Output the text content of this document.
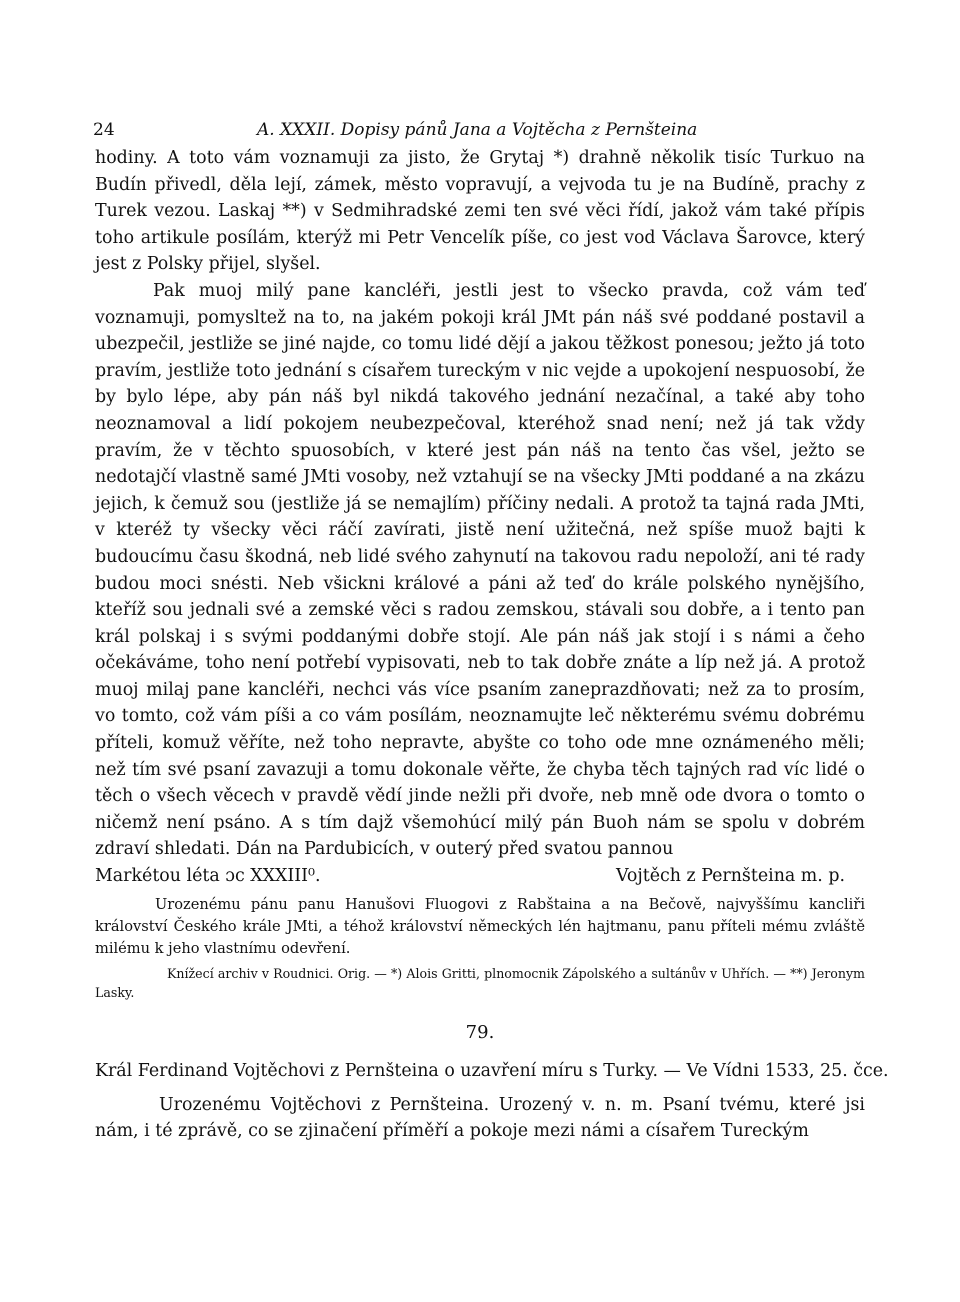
24	A. XXXII. Dopisy pánů Jana a Vojtěcha z Pernšteina

hodiny. A toto vám voznamuji za jisto, že Grytaj *) drahně několik tisíc Turkuo na Budín přivedl, děla lejí, zámek, město vopravují, a vejvoda tu je na Budíně, prachy z Turek vezou. Laskaj **) v Sedmihradské zemi ten své věci řídí, jakož vám také přípis toho artikule posílám, kterýž mi Petr Vencelík píše, co jest vod Václava Šarovce, který jest z Polsky přijel, slyšel.

Pak muoj milý pane kancléři, jestli jest to všecko pravda, což vám teď voznamuji, pomysltež na to, na jakém pokoji král JMt pán náš své poddané postavil a ubezpečil, jestliže se jiné najde, co tomu lidé dějí a jakou těžkost ponesou; ježto já toto pravím, jestliže toto jednání s císařem tureckým v nic vejde a upokojení nespuosobí, že by bylo lépe, aby pán náš byl nikdá takového jednání nezačínal, a také aby toho neoznamoval a lidí pokojem neubezpečoval, kteréhož snad není; než já tak vždy pravím, že v těchto spuosobích, v které jest pán náš na tento čas všel, ježto se nedotajčí vlastně samé JMti vosoby, než vztahují se na všecky JMti poddané a na zkázu jejich, k čemuž sou (jestliže já se nemajlím) příčiny nedali. A protož ta tajná rada JMti, v kteréž ty všecky věci ráčí zavírati, jistě není užitečná, než spíše muož bajti k budoucímu času škodná, neb lidé svého zahynutí na takovou radu nepoloží, ani té rady budou moci snésti. Neb všickni králové a páni až teď do krále polského nynějšího, kteříž sou jednali své a zemské věci s radou zemskou, stávali sou dobře, a i tento pan král polskaj i s svými poddanými dobře stojí. Ale pán náš jak stojí i s námi a čeho očekáváme, toho není potřebí vypisovati, neb to tak dobře znáte a líp než já. A protož muoj milaj pane kancléři, nechci vás více psaním zaneprazdňovati; než za to prosím, vo tomto, což vám píši a co vám posílám, neoznamujte leč některému svému dobrému příteli, komuž věříte, než toho nepravte, abyšte co toho ode mne oznámeného měli; než tím své psaní zavazuji a tomu dokonale věřte, že chyba těch tajných rad víc lidé o těch o všech věcech v pravdě vědí jinde nežli při dvoře, neb mně ode dvora o tomto o ničemž není psáno. A s tím dajž všemohúcí milý pán Buoh nám se spolu v dobrém zdraví shledati. Dán na Pardubicích, v outerý před svatou pannou

Markétou léta ɔc XXXIII⁰.	Vojtěch z Pernšteina m. p.

Urozenému pánu panu Hanušovi Fluogovi z Rabštaina a na Bečově, najvyššímu kancliři království Českého krále JMti, a téhož království německých lén hajtmanu, panu příteli mému zvláště milému k jeho vlastnímu odevření.

Knížecí archiv v Roudnici. Orig. — *) Alois Gritti, plnomocnik Zápolského a sultánův v Uhřích. — **) Jeronym Lasky.

79.

Král Ferdinand Vojtěchovi z Pernšteina o uzavření míru s Turky. — Ve Vídni 1533, 25. čce.

Urozenému Vojtěchovi z Pernšteina. Urozený v. n. m. Psaní tvému, které jsi nám, i té zprávě, co se zjinačení příměří a pokoje mezi námi a císařem Tureckým
